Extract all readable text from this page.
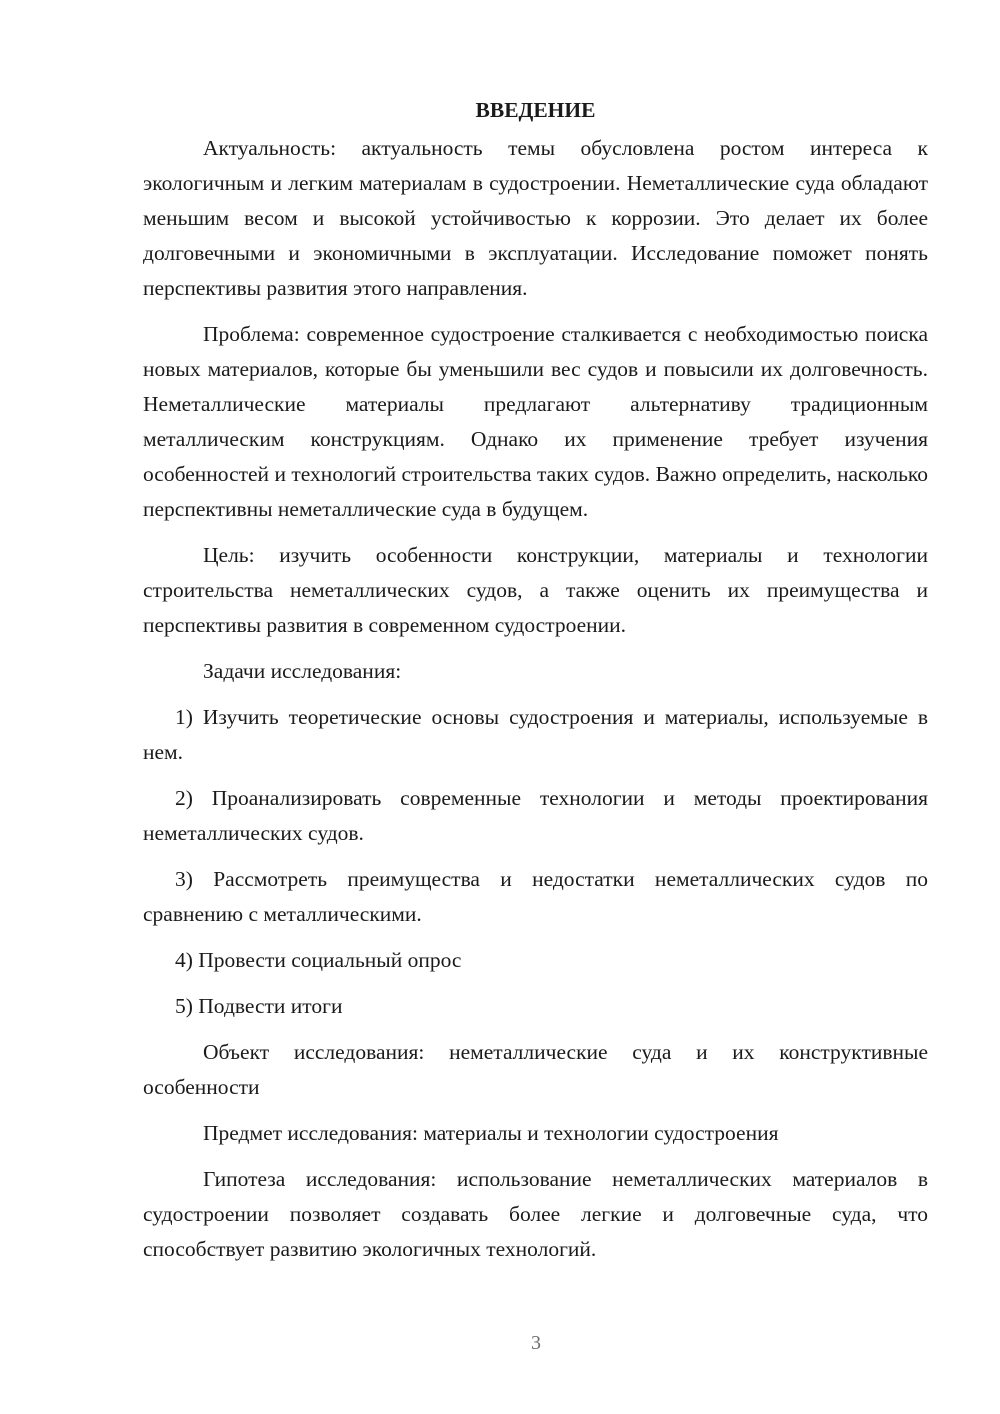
ВВЕДЕНИЕ

Актуальность: актуальность темы обусловлена ростом интереса к экологичным и легким материалам в судостроении. Неметаллические суда обладают меньшим весом и высокой устойчивостью к коррозии. Это делает их более долговечными и экономичными в эксплуатации. Исследование поможет понять перспективы развития этого направления.

Проблема: современное судостроение сталкивается с необходимостью поиска новых материалов, которые бы уменьшили вес судов и повысили их долговечность. Неметаллические материалы предлагают альтернативу традиционным металлическим конструкциям. Однако их применение требует изучения особенностей и технологий строительства таких судов. Важно определить, насколько перспективны неметаллические суда в будущем.

Цель: изучить особенности конструкции, материалы и технологии строительства неметаллических судов, а также оценить их преимущества и перспективы развития в современном судостроении.

Задачи исследования:

1) Изучить теоретические основы судостроения и материалы, используемые в нем.

2) Проанализировать современные технологии и методы проектирования неметаллических судов.

3) Рассмотреть преимущества и недостатки неметаллических судов по сравнению с металлическими.

4) Провести социальный опрос

5) Подвести итоги

Объект исследования: неметаллические суда и их конструктивные особенности

Предмет исследования: материалы и технологии судостроения

Гипотеза исследования: использование неметаллических материалов в судостроении позволяет создавать более легкие и долговечные суда, что способствует развитию экологичных технологий.

3
